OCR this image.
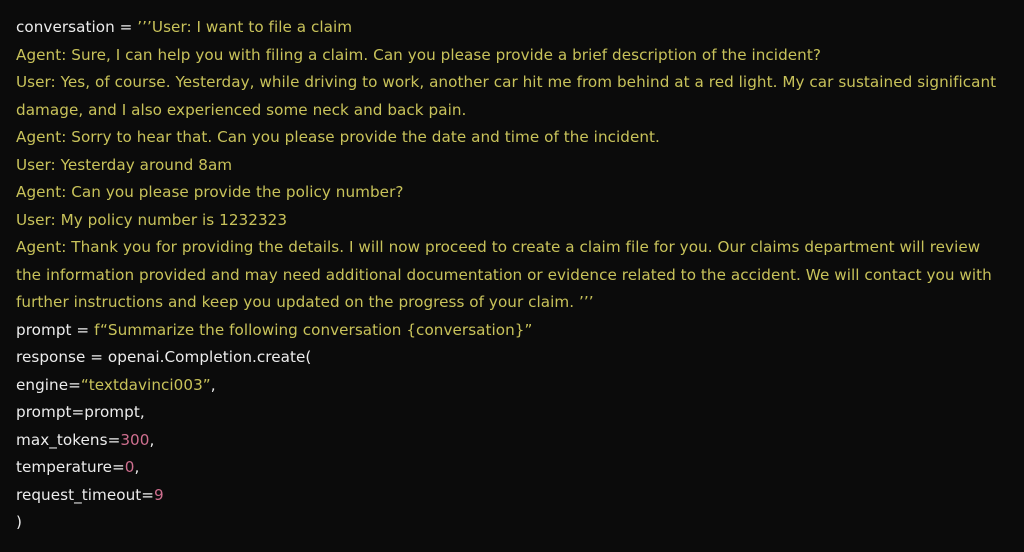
conversation = ’’’User: I want to file a claim
Agent: Sure, I can help you with filing a claim. Can you please provide a brief description of the incident?
User: Yes, of course. Yesterday, while driving to work, another car hit me from behind at a red light. My car sustained significant damage, and I also experienced some neck and back pain.
Agent: Sorry to hear that. Can you please provide the date and time of the incident.
User: Yesterday around 8am
Agent: Can you please provide the policy number?
User: My policy number is 1232323
Agent: Thank you for providing the details. I will now proceed to create a claim file for you. Our claims department will review the information provided and may need additional documentation or evidence related to the accident. We will contact you with further instructions and keep you updated on the progress of your claim. ’’’
prompt = f“Summarize the following conversation {conversation}”
response = openai.Completion.create(
engine=“textdavinci003”,
prompt=prompt,
max_tokens=300,
temperature=0,
request_timeout=9
)
